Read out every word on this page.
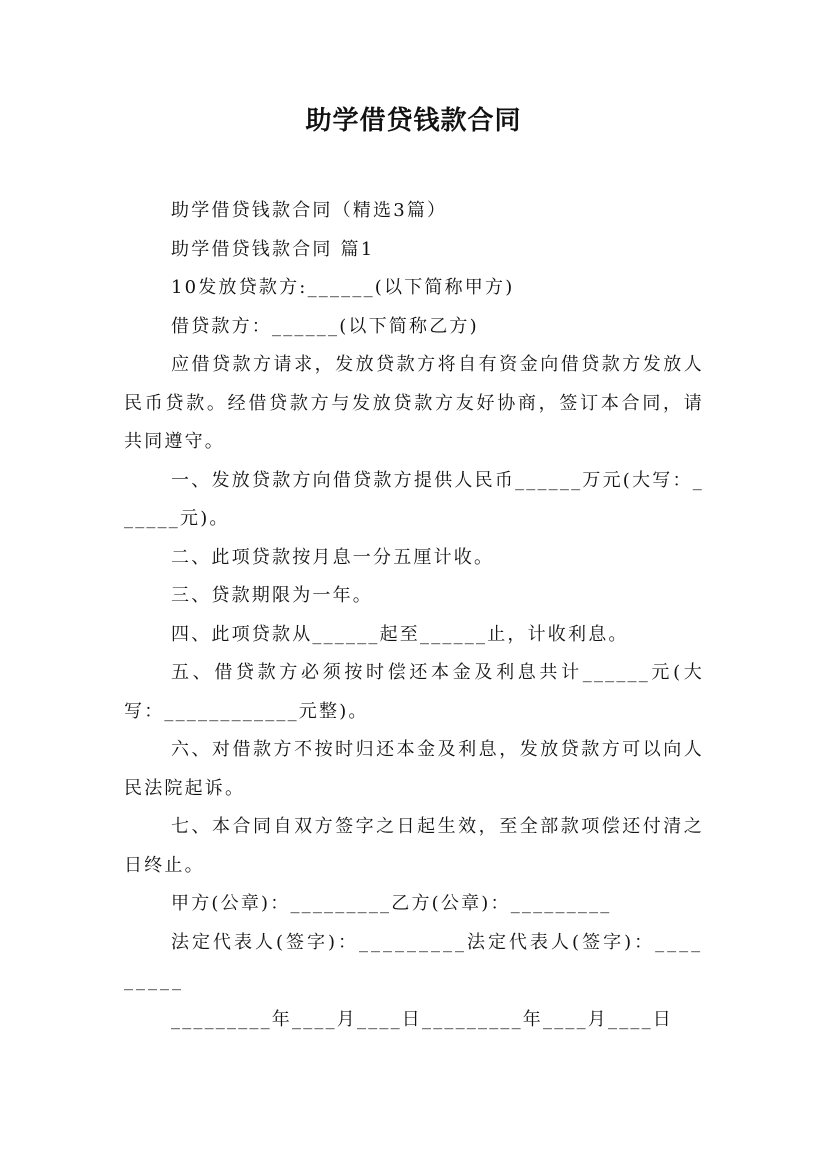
助学借贷钱款合同

助学借贷钱款合同（精选3篇）

助学借贷钱款合同 篇1

10发放贷款方:______(以下简称甲方)

借贷款方：______(以下简称乙方)

应借贷款方请求，发放贷款方将自有资金向借贷款方发放人民币贷款。经借贷款方与发放贷款方友好协商，签订本合同，请共同遵守。

一、发放贷款方向借贷款方提供人民币______万元(大写：______元)。

二、此项贷款按月息一分五厘计收。

三、贷款期限为一年。

四、此项贷款从______起至______止，计收利息。

五、借贷款方必须按时偿还本金及利息共计______元(大写：____________元整)。

六、对借款方不按时归还本金及利息，发放贷款方可以向人民法院起诉。

七、本合同自双方签字之日起生效，至全部款项偿还付清之日终止。

甲方(公章)：_________乙方(公章)：_________

法定代表人(签字)：_________法定代表人(签字)：_________

_________年____月____日_________年____月____日
